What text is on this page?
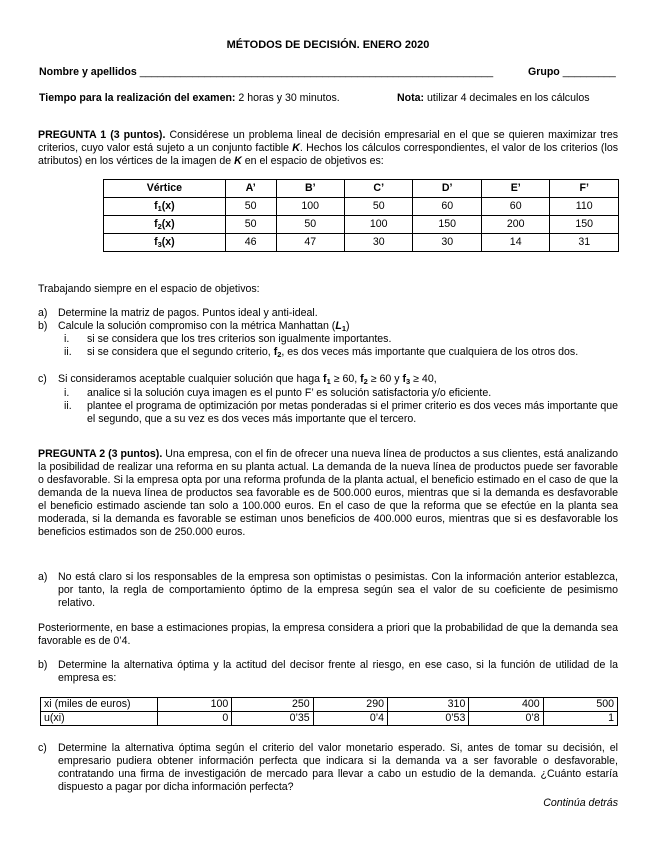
MÉTODOS DE DECISIÓN. ENERO 2020
Nombre y apellidos ____________________________________________________________	Grupo _________
Tiempo para la realización del examen: 2 horas y 30 minutos.	Nota: utilizar 4 decimales en los cálculos
PREGUNTA 1 (3 puntos). Considérese un problema lineal de decisión empresarial en el que se quieren maximizar tres criterios, cuyo valor está sujeto a un conjunto factible K. Hechos los cálculos correspondientes, el valor de los criterios (los atributos) en los vértices de la imagen de K en el espacio de objetivos es:
Vértice	A’	B’	C’	D’	E’	F’
$f_1(x)$	50	100	50	60	60	110
$f_2(x)$	50	50	100	150	200	150
$f_3(x)$	46	47	30	30	14	31
Trabajando siempre en el espacio de objetivos:
a) Determine la matriz de pagos. Puntos ideal y anti-ideal.
b) Calcule la solución compromiso con la métrica Manhattan $(L_1)$
i. si se considera que los tres criterios son igualmente importantes.
ii. si se considera que el segundo criterio, $f_2$, es dos veces más importante que cualquiera de los otros dos.
c) Si consideramos aceptable cualquier solución que haga $f_1 \ge 60$, $f_2 \ge 60$ y $f_3 \ge 40$,
i. analice si la solución cuya imagen es el punto F’ es solución satisfactoria y/o eficiente.
ii. plantee el programa de optimización por metas ponderadas si el primer criterio es dos veces más importante que el segundo, que a su vez es dos veces más importante que el tercero.
PREGUNTA 2 (3 puntos). Una empresa, con el fin de ofrecer una nueva línea de productos a sus clientes, está analizando la posibilidad de realizar una reforma en su planta actual. La demanda de la nueva línea de productos puede ser favorable o desfavorable. Si la empresa opta por una reforma profunda de la planta actual, el beneficio estimado en el caso de que la demanda de la nueva línea de productos sea favorable es de 500.000 euros, mientras que si la demanda es desfavorable el beneficio estimado asciende tan solo a 100.000 euros. En el caso de que la reforma que se efectúe en la planta sea moderada, si la demanda es favorable se estiman unos beneficios de 400.000 euros, mientras que si es desfavorable los beneficios estimados son de 250.000 euros.
a) No está claro si los responsables de la empresa son optimistas o pesimistas. Con la información anterior establezca, por tanto, la regla de comportamiento óptimo de la empresa según sea el valor de su coeficiente de pesimismo relativo.
Posteriormente, en base a estimaciones propias, la empresa considera a priori que la probabilidad de que la demanda sea favorable es de 0’4.
b) Determine la alternativa óptima y la actitud del decisor frente al riesgo, en ese caso, si la función de utilidad de la empresa es:
xi (miles de euros)	100	250	290	310	400	500
u(xi)	0	0’35	0’4	0’53	0’8	1
c) Determine la alternativa óptima según el criterio del valor monetario esperado. Si, antes de tomar su decisión, el empresario pudiera obtener información perfecta que indicara si la demanda va a ser favorable o desfavorable, contratando una firma de investigación de mercado para llevar a cabo un estudio de la demanda. ¿Cuánto estaría dispuesto a pagar por dicha información perfecta?
Continúa detrás
